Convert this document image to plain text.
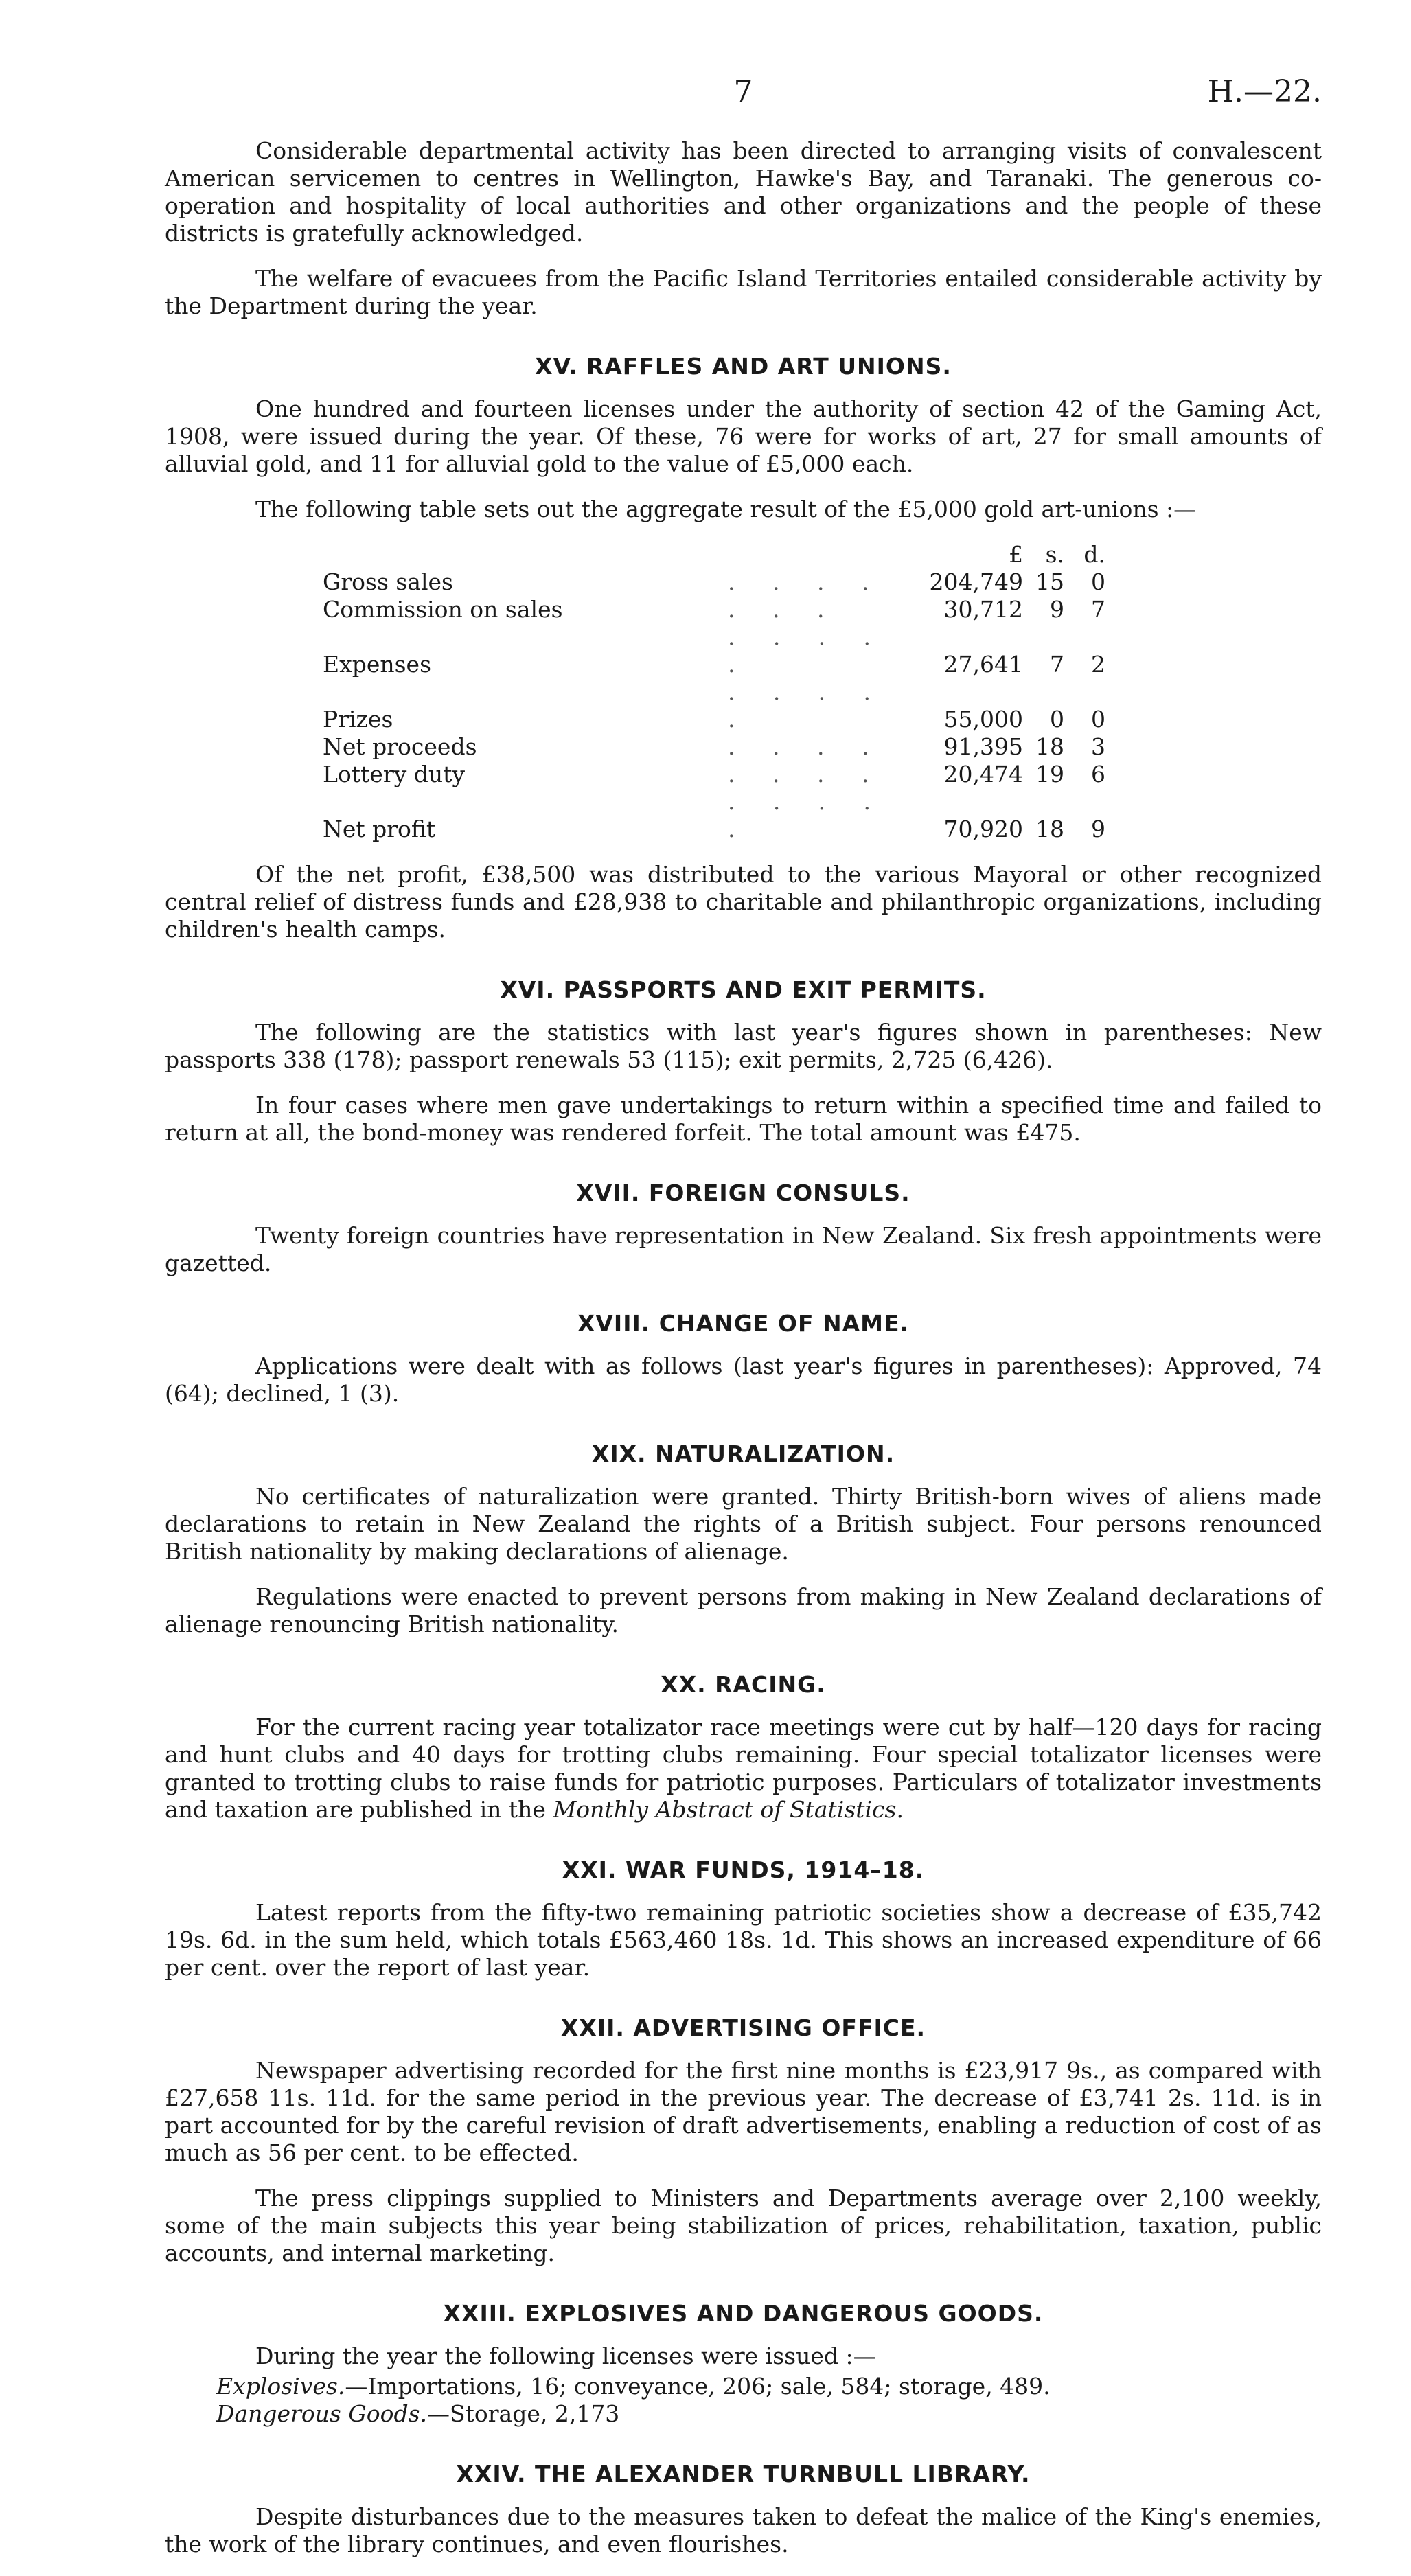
7	H.—22.

Considerable departmental activity has been directed to arranging visits of convalescent American servicemen to centres in Wellington, Hawke's Bay, and Taranaki. The generous co-operation and hospitality of local authorities and other organizations and the people of these districts is gratefully acknowledged.

The welfare of evacuees from the Pacific Island Territories entailed considerable activity by the Department during the year.

XV. RAFFLES AND ART UNIONS.

One hundred and fourteen licenses under the authority of section 42 of the Gaming Act, 1908, were issued during the year. Of these, 76 were for works of art, 27 for small amounts of alluvial gold, and 11 for alluvial gold to the value of £5,000 each.

The following table sets out the aggregate result of the £5,000 gold art-unions :—

		£	s.	d.
Gross sales	. . . .	204,749	15	0
Commission on sales	. . .	30,712	9	7
Expenses	. . . . .	27,641	7	2
Prizes	. . . . .	55,000	0	0
Net proceeds	. . . .	91,395	18	3
Lottery duty	. . . .	20,474	19	6
Net profit	. . . . .	70,920	18	9

Of the net profit, £38,500 was distributed to the various Mayoral or other recognized central relief of distress funds and £28,938 to charitable and philanthropic organizations, including children's health camps.

XVI. PASSPORTS AND EXIT PERMITS.

The following are the statistics with last year's figures shown in parentheses: New passports 338 (178); passport renewals 53 (115); exit permits, 2,725 (6,426).

In four cases where men gave undertakings to return within a specified time and failed to return at all, the bond-money was rendered forfeit. The total amount was £475.

XVII. FOREIGN CONSULS.

Twenty foreign countries have representation in New Zealand. Six fresh appointments were gazetted.

XVIII. CHANGE OF NAME.

Applications were dealt with as follows (last year's figures in parentheses): Approved, 74 (64); declined, 1 (3).

XIX. NATURALIZATION.

No certificates of naturalization were granted. Thirty British-born wives of aliens made declarations to retain in New Zealand the rights of a British subject. Four persons renounced British nationality by making declarations of alienage.

Regulations were enacted to prevent persons from making in New Zealand declarations of alienage renouncing British nationality.

XX. RACING.

For the current racing year totalizator race meetings were cut by half—120 days for racing and hunt clubs and 40 days for trotting clubs remaining. Four special totalizator licenses were granted to trotting clubs to raise funds for patriotic purposes. Particulars of totalizator investments and taxation are published in the Monthly Abstract of Statistics.

XXI. WAR FUNDS, 1914–18.

Latest reports from the fifty-two remaining patriotic societies show a decrease of £35,742 19s. 6d. in the sum held, which totals £563,460 18s. 1d. This shows an increased expenditure of 66 per cent. over the report of last year.

XXII. ADVERTISING OFFICE.

Newspaper advertising recorded for the first nine months is £23,917 9s., as compared with £27,658 11s. 11d. for the same period in the previous year. The decrease of £3,741 2s. 11d. is in part accounted for by the careful revision of draft advertisements, enabling a reduction of cost of as much as 56 per cent. to be effected.

The press clippings supplied to Ministers and Departments average over 2,100 weekly, some of the main subjects this year being stabilization of prices, rehabilitation, taxation, public accounts, and internal marketing.

XXIII. EXPLOSIVES AND DANGEROUS GOODS.

During the year the following licenses were issued :—

Explosives.—Importations, 16; conveyance, 206; sale, 584; storage, 489.
Dangerous Goods.—Storage, 2,173
XXIV. THE ALEXANDER TURNBULL LIBRARY.

Despite disturbances due to the measures taken to defeat the malice of the King's enemies, the work of the library continues, and even flourishes.
